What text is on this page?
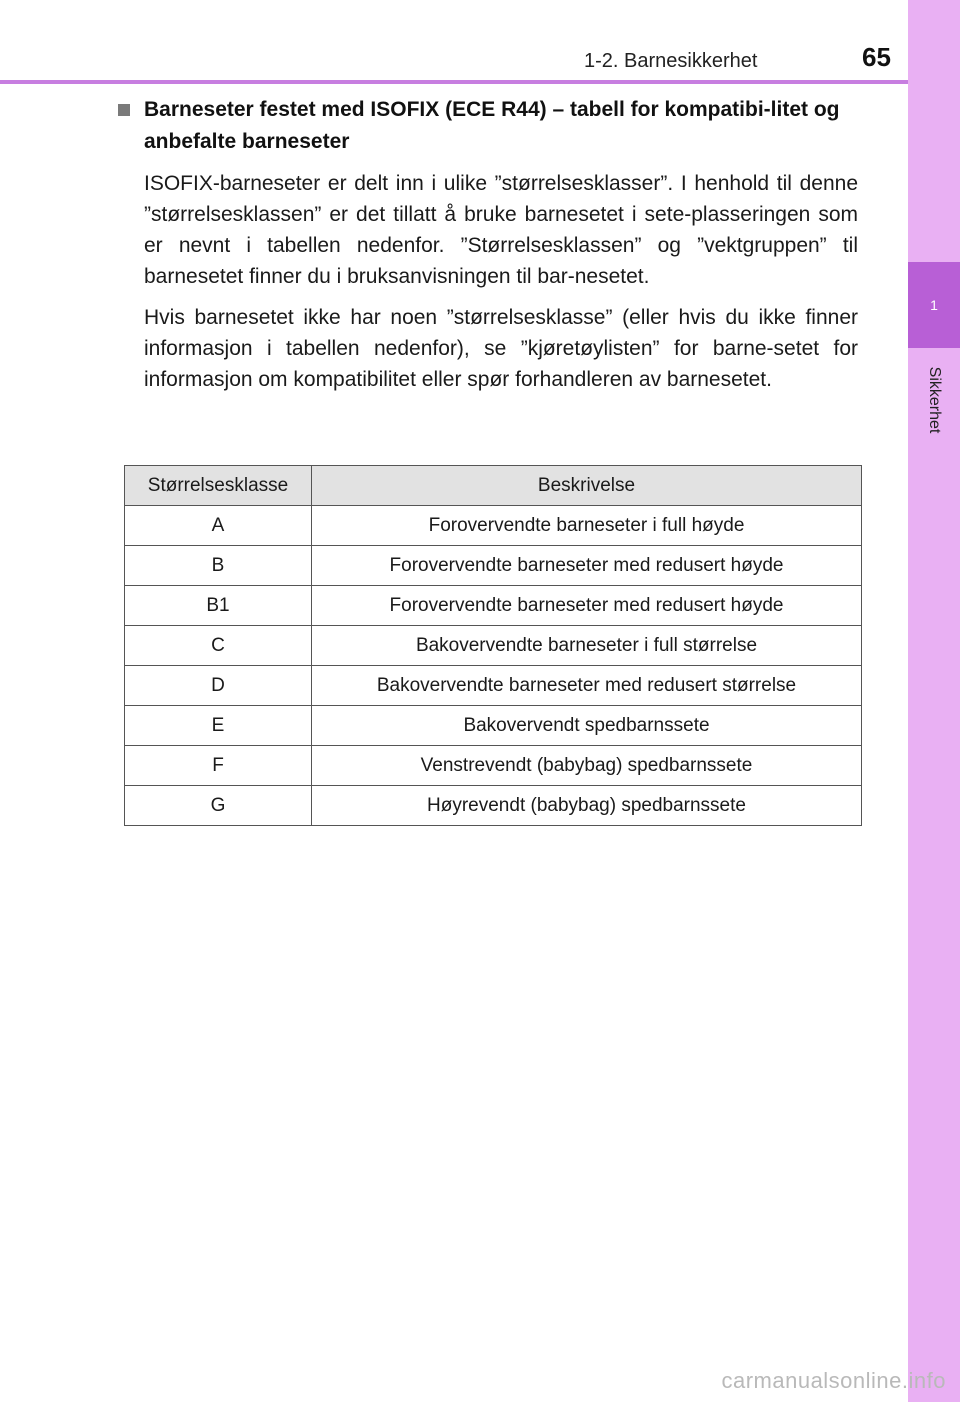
1
Sikkerhet
1-2. Barnesikkerhet	65
Barneseter festet med ISOFIX (ECE R44) – tabell for kompatibi-litet og anbefalte barneseter

ISOFIX-barneseter er delt inn i ulike ”størrelsesklasser”. I henhold til denne ”størrelsesklassen” er det tillatt å bruke barnesetet i sete-plasseringen som er nevnt i tabellen nedenfor. ”Størrelsesklassen” og ”vektgruppen” til barnesetet finner du i bruksanvisningen til bar-nesetet.

Hvis barnesetet ikke har noen ”størrelsesklasse” (eller hvis du ikke finner informasjon i tabellen nedenfor), se ”kjøretøylisten” for barne-setet for informasjon om kompatibilitet eller spør forhandleren av barnesetet.

Størrelsesklasse	Beskrivelse
A	Forovervendte barneseter i full høyde
B	Forovervendte barneseter med redusert høyde
B1	Forovervendte barneseter med redusert høyde
C	Bakovervendte barneseter i full størrelse
D	Bakovervendte barneseter med redusert størrelse
E	Bakovervendt spedbarnssete
F	Venstrevendt (babybag) spedbarnssete
G	Høyrevendt (babybag) spedbarnssete
carmanualsonline.info
